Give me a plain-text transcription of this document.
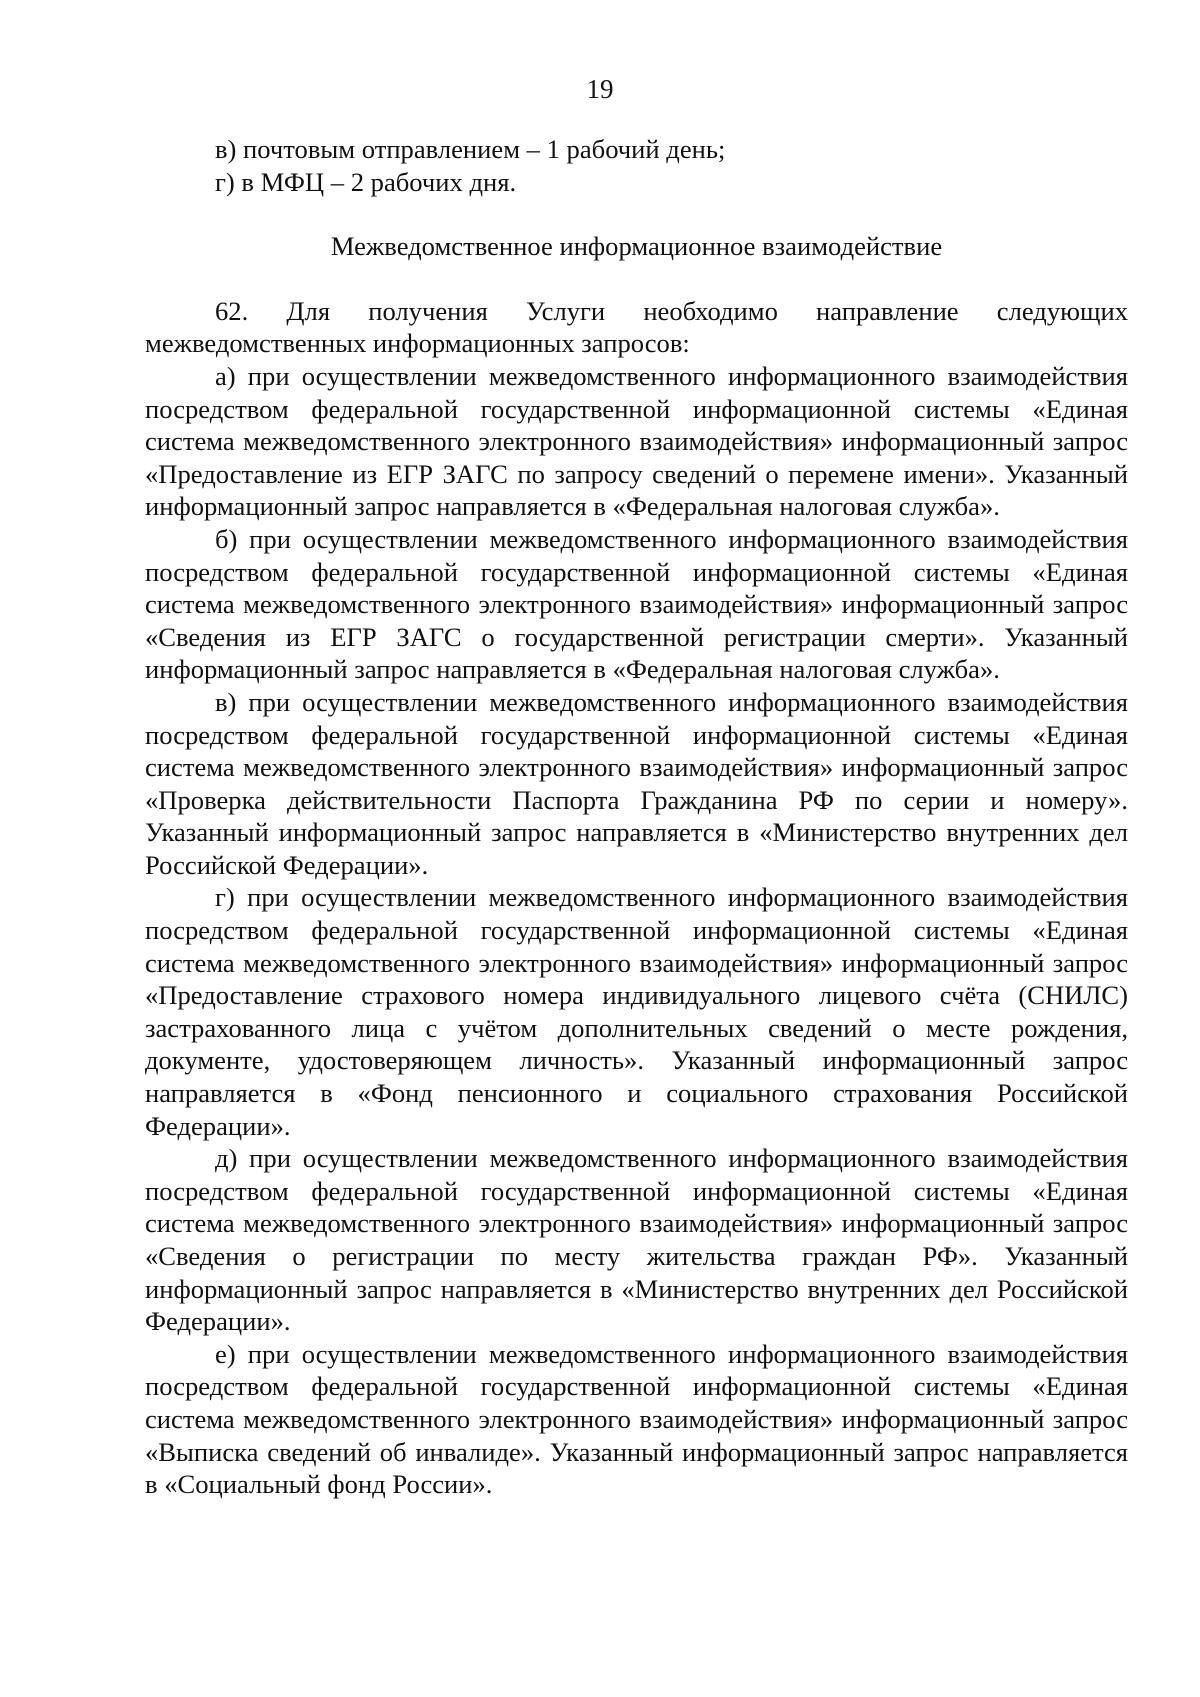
19

в) почтовым отправлением – 1 рабочий день;

г) в МФЦ – 2 рабочих дня.

Межведомственное информационное взаимодействие

62. Для получения Услуги необходимо направление следующих межведомственных информационных запросов:

а) при осуществлении межведомственного информационного взаимодействия посредством федеральной государственной информационной системы «Единая система межведомственного электронного взаимодействия» информационный запрос «Предоставление из ЕГР ЗАГС по запросу сведений о перемене имени». Указанный информационный запрос направляется в «Федеральная налоговая служба».

б) при осуществлении межведомственного информационного взаимодействия посредством федеральной государственной информационной системы «Единая система межведомственного электронного взаимодействия» информационный запрос «Сведения из ЕГР ЗАГС о государственной регистрации смерти». Указанный информационный запрос направляется в «Федеральная налоговая служба».

в) при осуществлении межведомственного информационного взаимодействия посредством федеральной государственной информационной системы «Единая система межведомственного электронного взаимодействия» информационный запрос «Проверка действительности Паспорта Гражданина РФ по серии и номеру». Указанный информационный запрос направляется в «Министерство внутренних дел Российской Федерации».

г) при осуществлении межведомственного информационного взаимодействия посредством федеральной государственной информационной системы «Единая система межведомственного электронного взаимодействия» информационный запрос «Предоставление страхового номера индивидуального лицевого счёта (СНИЛС) застрахованного лица с учётом дополнительных сведений о месте рождения, документе, удостоверяющем личность». Указанный информационный запрос направляется в «Фонд пенсионного и социального страхования Российской Федерации».

д) при осуществлении межведомственного информационного взаимодействия посредством федеральной государственной информационной системы «Единая система межведомственного электронного взаимодействия» информационный запрос «Сведения о регистрации по месту жительства граждан РФ». Указанный информационный запрос направляется в «Министерство внутренних дел Российской Федерации».

е) при осуществлении межведомственного информационного взаимодействия посредством федеральной государственной информационной системы «Единая система межведомственного электронного взаимодействия» информационный запрос «Выписка сведений об инвалиде». Указанный информационный запрос направляется в «Социальный фонд России».
